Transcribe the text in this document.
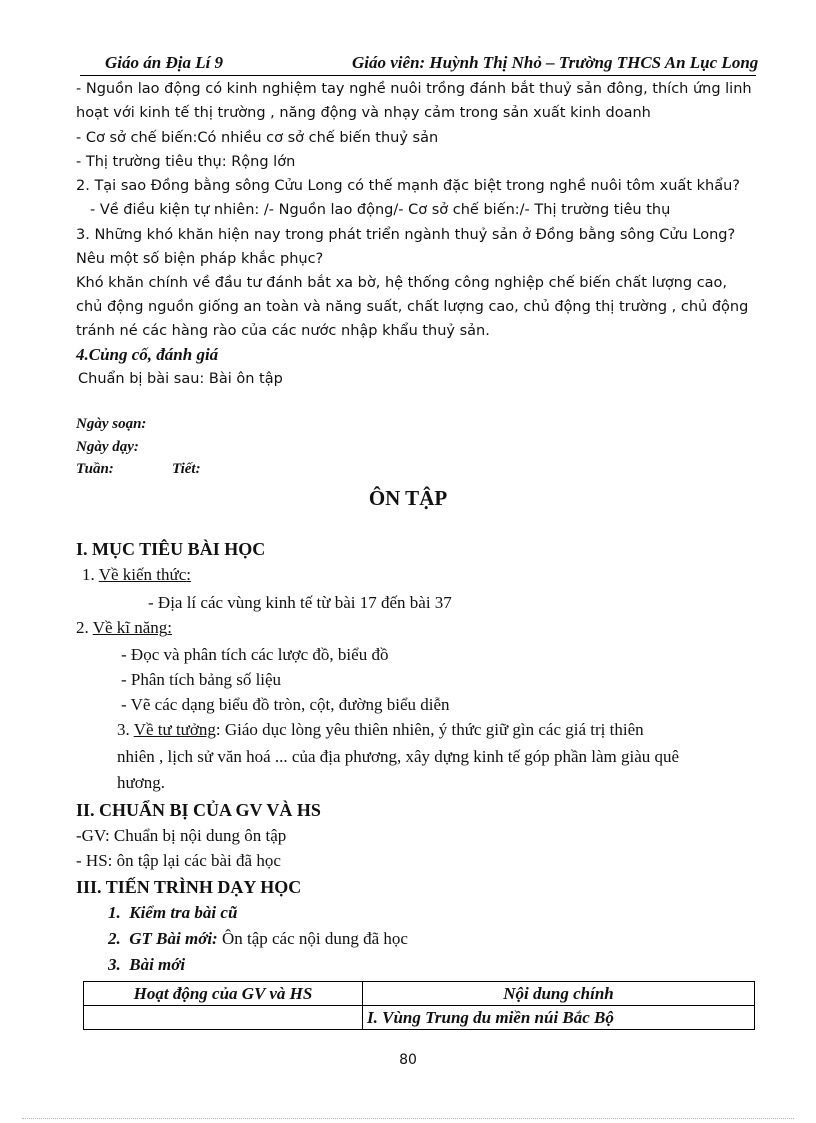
Giáo án Địa Lí 9	Giáo viên: Huỳnh Thị Nhỏ – Trường THCS An Lục Long
- Nguồn lao động có kinh nghiệm tay nghề nuôi trồng đánh bắt thuỷ sản đông, thích ứng linh
hoạt với kinh tế thị trường , năng động và nhạy cảm trong sản xuất kinh doanh
- Cơ sở chế biến:Có nhiều cơ sở chế biến thuỷ sản
- Thị trường tiêu thụ: Rộng lớn
2. Tại sao Đồng bằng sông Cửu Long có thế mạnh đặc biệt trong nghề nuôi tôm xuất khẩu?
- Về điều kiện tự nhiên: /- Nguồn lao động/- Cơ sở chế biến:/- Thị trường tiêu thụ
3. Những khó khăn hiện nay trong phát triển ngành thuỷ sản ở Đồng bằng sông Cửu Long?
Nêu một số biện pháp khắc phục?
Khó khăn chính về đầu tư đánh bắt xa bờ, hệ thống công nghiệp chế biến chất lượng cao,
chủ động nguồn giống an toàn và năng suất, chất lượng cao, chủ động thị trường , chủ động
tránh né các hàng rào của các nước nhập khẩu thuỷ sản.
4.Củng cố, đánh giá
Chuẩn bị bài sau: Bài ôn tập
Ngày soạn:
Ngày dạy:
Tuần:	Tiết:
ÔN TẬP
I. MỤC TIÊU BÀI HỌC
1. Về kiến thức:
- Địa lí các vùng kinh tế từ bài 17 đến bài 37
2. Về kĩ năng:
- Đọc và phân tích các lược đồ, biểu đồ
- Phân tích bảng số liệu
- Vẽ các dạng biểu đồ tròn, cột, đường biểu diễn
3. Về tư tưởng: Giáo dục lòng yêu thiên nhiên, ý thức giữ gìn các giá trị thiên
nhiên , lịch sử văn hoá ... của địa phương, xây dựng kinh tế góp phần làm giàu quê
hương.
II. CHUẨN BỊ CỦA GV VÀ HS
-GV: Chuẩn bị nội dung ôn tập
- HS: ôn tập lại các bài đã học
III. TIẾN TRÌNH DẠY HỌC
1. Kiểm tra bài cũ
2. GT Bài mới: Ôn tập các nội dung đã học
3. Bài mới
Hoạt động của GV và HS	Nội dung chính
	I. Vùng Trung du miền núi Bắc Bộ
80
